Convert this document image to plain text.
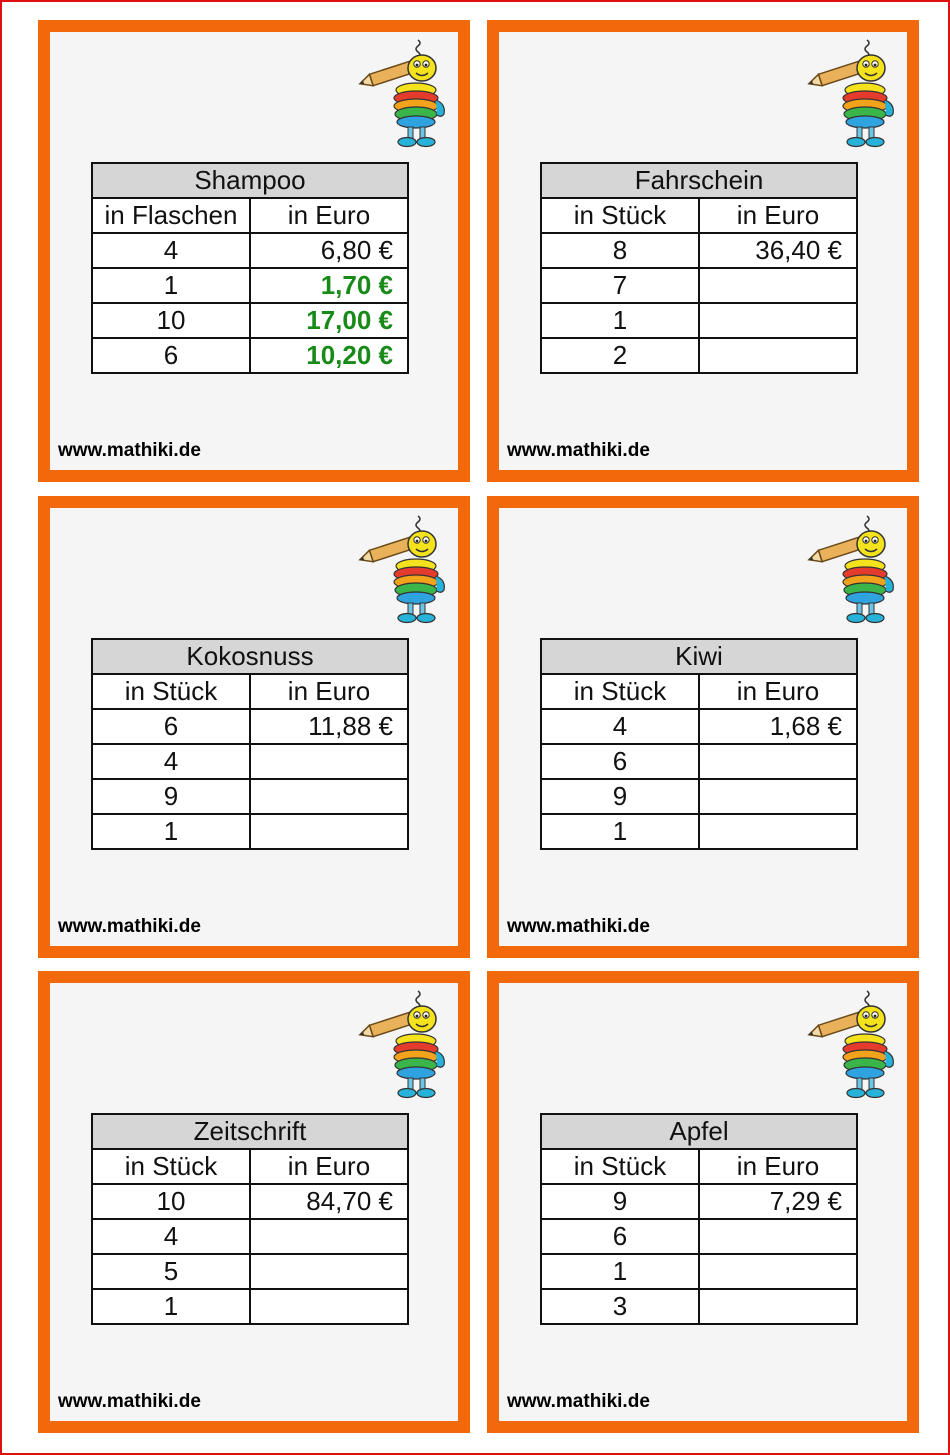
Shampoo	
in Flaschen	in Euro
4	6,80 €
1	1,70 €
10	17,00 €
6	10,20 €
www.mathiki.de
Fahrschein	
in Stück	in Euro
8	36,40 €
7	
1	
2	
www.mathiki.de
Kokosnuss	
in Stück	in Euro
6	11,88 €
4	
9	
1	
www.mathiki.de
Kiwi	
in Stück	in Euro
4	1,68 €
6	
9	
1	
www.mathiki.de
Zeitschrift	
in Stück	in Euro
10	84,70 €
4	
5	
1	
www.mathiki.de
Apfel	
in Stück	in Euro
9	7,29 €
6	
1	
3	
www.mathiki.de
